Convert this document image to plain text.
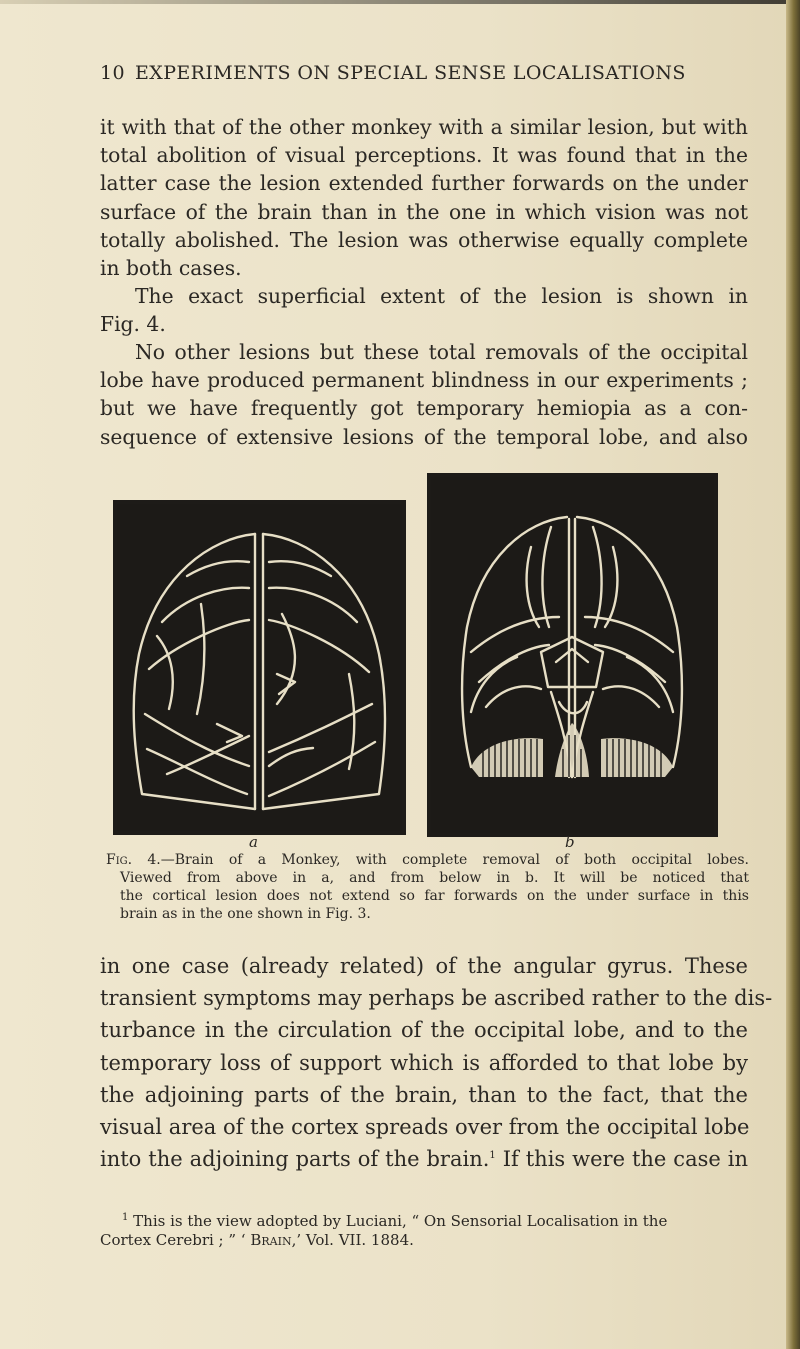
10 EXPERIMENTS ON SPECIAL SENSE LOCALISATIONS

it with that of the other monkey with a similar lesion, but with
total abolition of visual perceptions. It was found that in the
latter case the lesion extended further forwards on the under
surface of the brain than in the one in which vision was not
totally abolished. The lesion was otherwise equally complete
in both cases.

The exact superficial extent of the lesion is shown in
Fig. 4.

No other lesions but these total removals of the occipital
lobe have produced permanent blindness in our experiments ;
but we have frequently got temporary hemiopia as a con-
sequence of extensive lesions of the temporal lobe, and also

a	b

Fig. 4.—Brain of a Monkey, with complete removal of both occipital lobes.
Viewed from above in a, and from below in b. It will be noticed that
the cortical lesion does not extend so far forwards on the under surface in this
brain as in the one shown in Fig. 3.

in one case (already related) of the angular gyrus. These
transient symptoms may perhaps be ascribed rather to the dis-
turbance in the circulation of the occipital lobe, and to the
temporary loss of support which is afforded to that lobe by
the adjoining parts of the brain, than to the fact, that the
visual area of the cortex spreads over from the occipital lobe
into the adjoining parts of the brain.$^1$ If this were the case in

$^1$ This is the view adopted by Luciani, “ On Sensorial Localisation in the
Cortex Cerebri ; ” ‘ Brain,’ Vol. VII. 1884.
